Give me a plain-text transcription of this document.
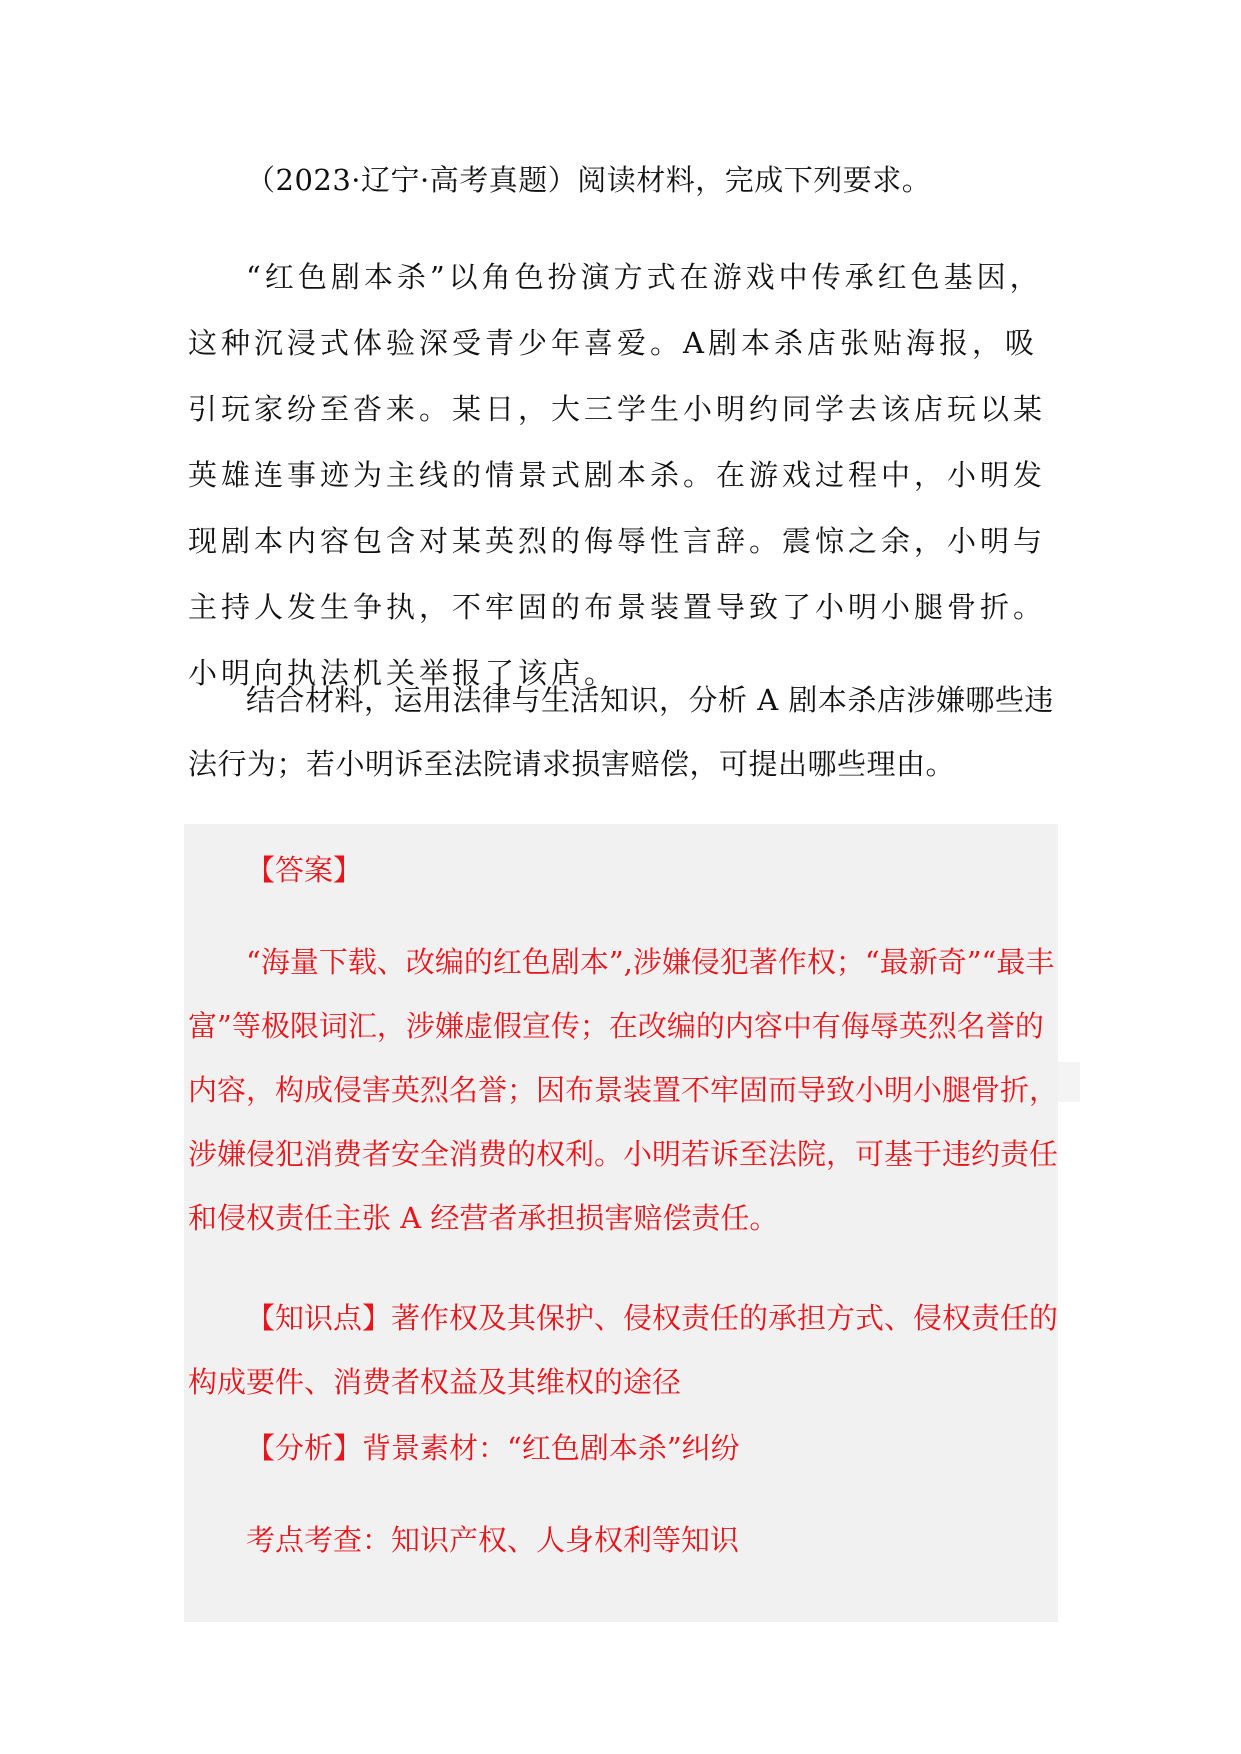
（2023·辽宁·高考真题）阅读材料，完成下列要求。

“红色剧本杀”以角色扮演方式在游戏中传承红色基因，这种沉浸式体验深受青少年喜爱。A剧本杀店张贴海报，吸引玩家纷至沓来。某日，大三学生小明约同学去该店玩以某英雄连事迹为主线的情景式剧本杀。在游戏过程中，小明发现剧本内容包含对某英烈的侮辱性言辞。震惊之余，小明与主持人发生争执，不牢固的布景装置导致了小明小腿骨折。小明向执法机关举报了该店。

结合材料，运用法律与生活知识，分析 A 剧本杀店涉嫌哪些违法行为；若小明诉至法院请求损害赔偿，可提出哪些理由。

【答案】

“海量下载、改编的红色剧本”,涉嫌侵犯著作权；“最新奇”“最丰富”等极限词汇，涉嫌虚假宣传；在改编的内容中有侮辱英烈名誉的内容，构成侵害英烈名誉；因布景装置不牢固而导致小明小腿骨折，涉嫌侵犯消费者安全消费的权利。小明若诉至法院，可基于违约责任和侵权责任主张 A 经营者承担损害赔偿责任。

【知识点】著作权及其保护、侵权责任的承担方式、侵权责任的构成要件、消费者权益及其维权的途径

【分析】背景素材：“红色剧本杀”纠纷

考点考查：知识产权、人身权利等知识
